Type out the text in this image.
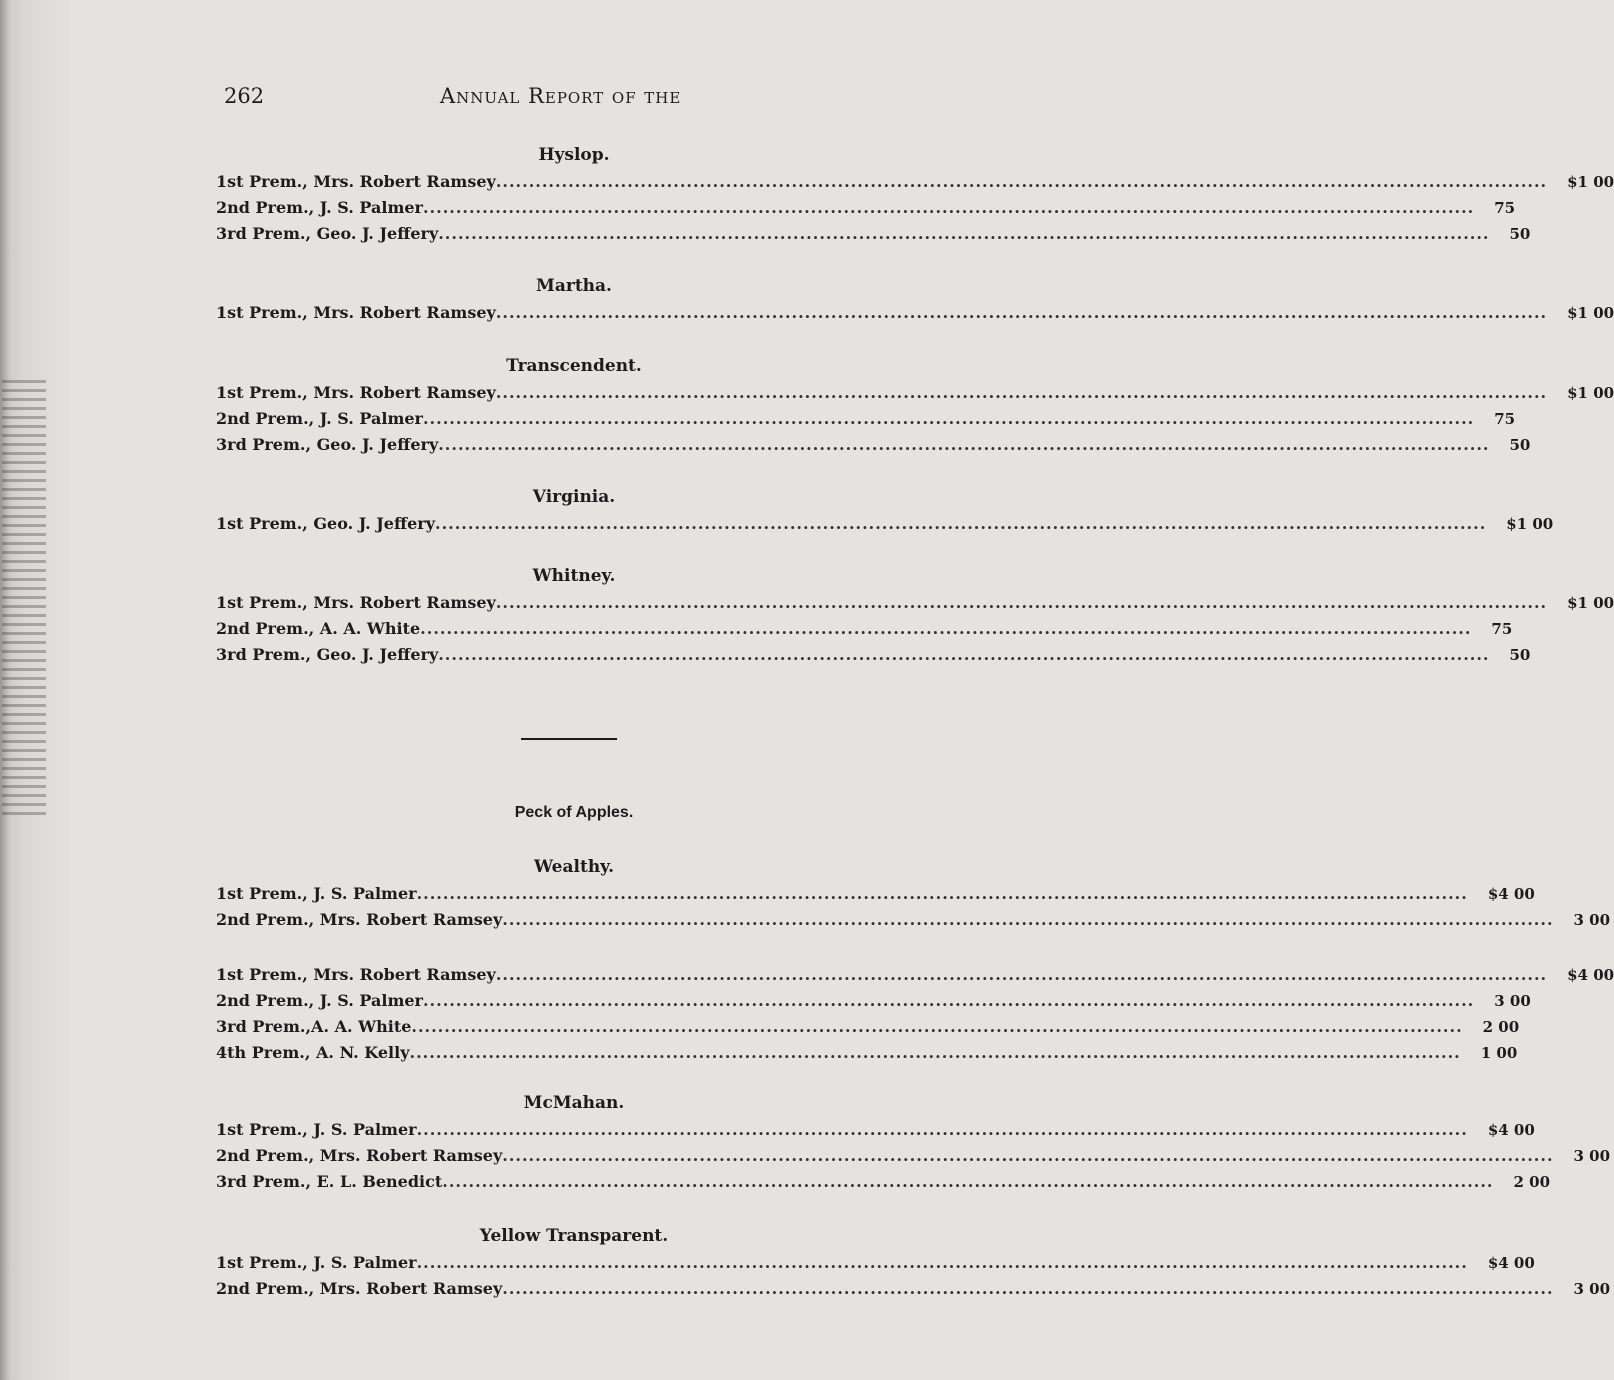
262	Annual Report of the
Hyslop.
1st Prem., Mrs. Robert Ramsey ................................................................................................................................................................ $1 00
2nd Prem., J. S. Palmer ................................................................................................................................................................ 75
3rd Prem., Geo. J. Jeffery ................................................................................................................................................................ 50
Martha.
1st Prem., Mrs. Robert Ramsey ................................................................................................................................................................ $1 00
Transcendent.
1st Prem., Mrs. Robert Ramsey ................................................................................................................................................................ $1 00
2nd Prem., J. S. Palmer ................................................................................................................................................................ 75
3rd Prem., Geo. J. Jeffery ................................................................................................................................................................ 50
Virginia.
1st Prem., Geo. J. Jeffery ................................................................................................................................................................ $1 00
Whitney.
1st Prem., Mrs. Robert Ramsey ................................................................................................................................................................ $1 00
2nd Prem., A. A. White ................................................................................................................................................................ 75
3rd Prem., Geo. J. Jeffery ................................................................................................................................................................ 50
Peck of Apples.
Wealthy.
1st Prem., J. S. Palmer ................................................................................................................................................................ $4 00
2nd Prem., Mrs. Robert Ramsey ................................................................................................................................................................ 3 00
1st Prem., Mrs. Robert Ramsey ................................................................................................................................................................ $4 00
2nd Prem., J. S. Palmer ................................................................................................................................................................ 3 00
3rd Prem.,A. A. White ................................................................................................................................................................ 2 00
4th Prem., A. N. Kelly ................................................................................................................................................................ 1 00
McMahan.
1st Prem., J. S. Palmer ................................................................................................................................................................ $4 00
2nd Prem., Mrs. Robert Ramsey ................................................................................................................................................................ 3 00
3rd Prem., E. L. Benedict ................................................................................................................................................................ 2 00
Yellow Transparent.
1st Prem., J. S. Palmer ................................................................................................................................................................ $4 00
2nd Prem., Mrs. Robert Ramsey ................................................................................................................................................................ 3 00
